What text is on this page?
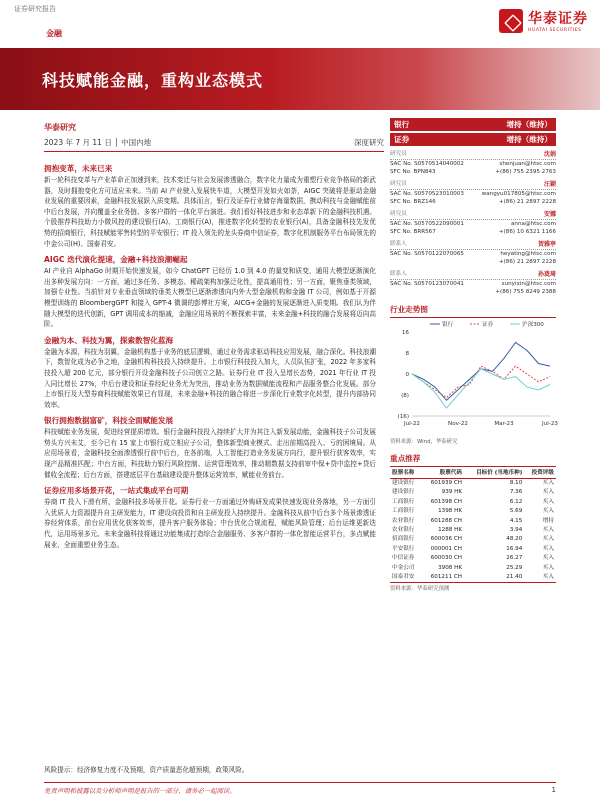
证券研究报告
金融
华泰证券
HUATAI SECURITIES
科技赋能金融，重构业态模式
华泰研究
2023 年 7 月 11 日 │ 中国内地	深度研究
拥抱变革，未来已来
新一轮科技变革与产业革命正加速到来，技术变迁与社会发展渗透融合，数字化力量成为重塑行业竞争格局的新武器，及时拥抱变化方可适应未来。当前 AI 产业驶入发展快车道，大模型开发如火如荼，AIGC 突破将是驱动金融业发展的重要因素，金融科技发展跃入质变期。具体而言，银行及证券行业储存海量数据，携动科技与金融赋能前中后台发展，并向覆盖全业务链、多客户群的一体化平台演进。我们看好科技进步和业态革新下的金融科技机遇。个股推荐科技助力小微风控的建设银行(A)、工商银行(A)，推进数字化转型的农业银行(A)，具备金融科技先发优势的招商银行，科技赋能零售转型的平安银行；IT 投入领先的龙头券商中信证券，数字化机制服务平台布局领先的中金公司(H)、国泰君安。
AIGC 迭代演化提速，金融+科技浪潮崛起
AI 产业自 AlphaGo 时期开始快速发展，如今 ChatGPT 已经历 1.0 到 4.0 的量变和质变，通用大模型逐渐演化出多种发展方向：一方面，通过多任务、多模态、稀疏架构加强泛化性，提高通用性；另一方面，聚焦垂类领域，加强专业性。当前针对专业垂直领域的垂类大模型已逐渐渗透向内外大型金融机构和金融 IT 公司，例如基于开源模型训练的 BloombergGPT 和接入 GPT-4 微调的彭博社方案，AICG+金融的发展逐渐进入质变期。我们认为伴随大模型的迭代创新，GPT 调用成本的缩减，金融应用场景的不断探索丰富，未来金融+科技的融合发展将迈向高阶。
金融为本、科技为翼，探索数智化蓝海
金融为本源，科技为羽翼，金融机构基于业务的底层逻辑，通过业务需求驱动科技应用发展，融合深化。科技浪潮下，数智化成为必争之地，金融机构科技投入持续提升。上市银行科技投入加大，人员队伍扩张，2022 年多家科技投入超 200 亿元，部分银行开设金融科技子公司创立之路。证券行业 IT 投入呈增长态势，2021 年行业 IT 投入同比增长 27%，中后台建设和证券经纪业务尤为突出，推动业务为数据赋能流程和产品服务整合化发展。部分上市银行及大型券商科技赋能效果已有显现，未来金融+科技的融合将进一步深化行业数字化转型，提升内部协同效率。
银行拥抱数据富矿，科技全面赋能发展
科技赋能业务发展，促进经营提质增效。银行金融科技投入持续扩大并为其注入新发展动能，金融科技子公司发展势头方兴未艾，至今已有 15 家上市银行成立相应子公司，整体新型商业模式、走出前期高投入、亏的困境局。从应用场景看，金融科技全面渗透银行前中后台，在各前端，人工智能打造业务发展方向行，提升银行获客效率，实现产品精准匹配；中台方面，科技助力银行风险控制、运营管理效率，推动精数据支持前审中保+贷中监控+贷后催收全流程；后台方面，搭建底层平台基础建设提升整体运营效率，赋能业务前台。
证券应用多场景开花，一站式集成平台可期
券商 IT 投入下滑有所，金融科技多场景开花。证券行业一方面通过外购研发成果快速发现业务落地，另一方面引入优质人力资源提升自主研发能力，IT 建设向投资和自主研发投入持续提升。金融科技从前中后台多个场景渗透证券经营体系，前台应用优化获客效率，提升客户服务体验；中台优化合规流程，赋能风险管理；后台运维更新迭代，运用场景多元。未来金融科技将通过功能集成打造综合金融服务、多客户群的一体化智能运营平台，多点赋能展业、全面重塑业务生态。
风险提示：经济修复力度不及预期，资产质量恶化超预期，政策风险。
银行	增持（维持）
证券	增持（维持）
研究员	沈娟
SAC No. S0570514040002	shenjuan@htsc.com
SFC No. BPN843	+(86) 755 2395 2763
研究员	汪颖
SAC No. S0570523010003	wangyu017805@htsc.com
SFC No. BRZ146	+(86) 21 2897 2228
研究员	安娜
SAC No. S0570522090001	anna@htsc.com
SFC No. BRR567	+(86) 10 6321 1166
联系人	贺雅亭
SAC No. S0570122070065	heyating@htsc.com
+(86) 21 2897 2228
联系人	孙珑琦
SAC No. S0570123070041	sunyixin@htsc.com
+(86) 755 8249 2388
行业走势图
(16)
(8)
0
8
16
Jul-22	Nov-22	Mar-23	Jul-23
银行	证券	沪深300
资料来源：Wind，华泰研究
重点推荐
股票名称	股票代码	目标价 (当地币种)	投资评级
建设银行	601939 CH	8.10	买入
建设银行	939 HK	7.36	买入
工商银行	601398 CH	6.12	买入
工商银行	1398 HK	5.69	买入
农业银行	601288 CH	4.15	增持
农业银行	1288 HK	3.94	买入
招商银行	600036 CH	48.20	买入
平安银行	000001 CH	16.94	买入
中信证券	600030 CH	26.27	买入
中金公司	3908 HK	25.29	买入
国泰君安	601211 CH	21.40	买入
资料来源：华泰研究预测
免责声明和披露以及分析师声明是报告的一部分，请务必一起阅读。	1
